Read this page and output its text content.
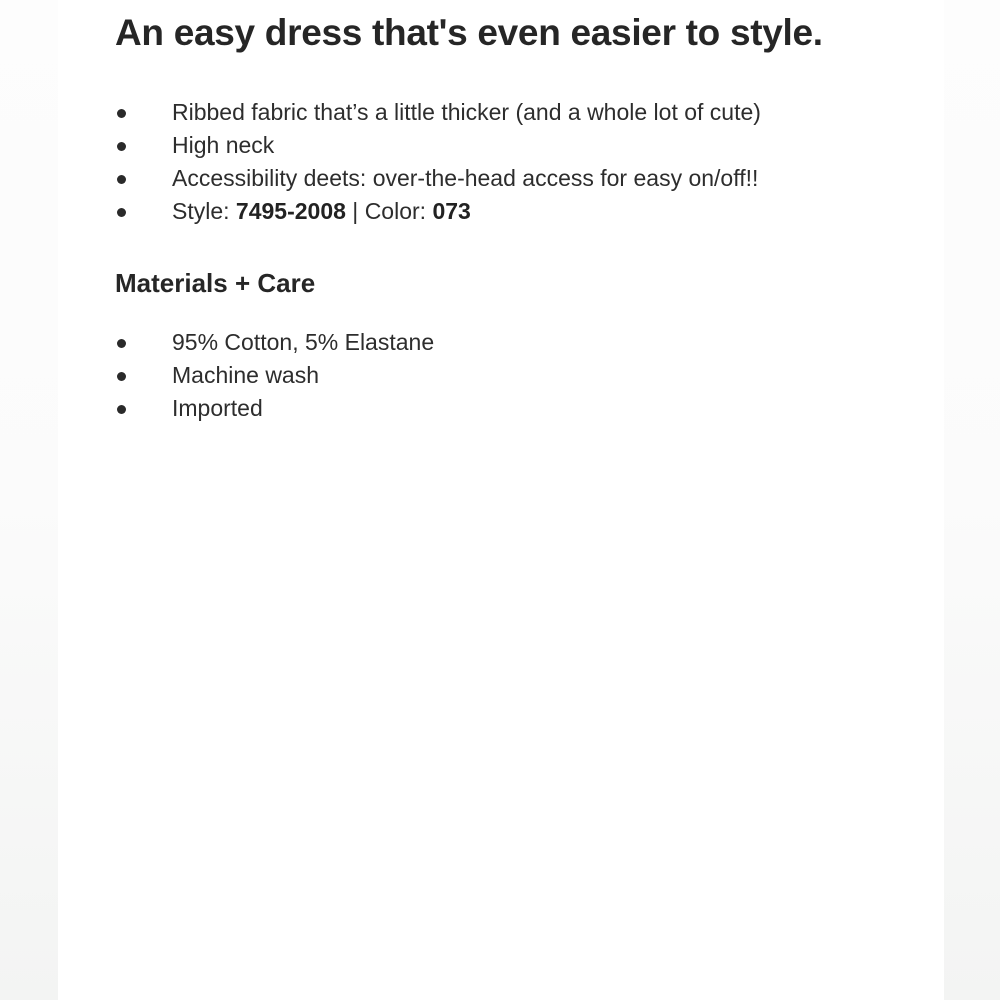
An easy dress that's even easier to style.
Ribbed fabric that’s a little thicker (and a whole lot of cute)
High neck
Accessibility deets: over-the-head access for easy on/off!!
Style: 7495-2008 | Color: 073
Materials + Care
95% Cotton, 5% Elastane
Machine wash
Imported
